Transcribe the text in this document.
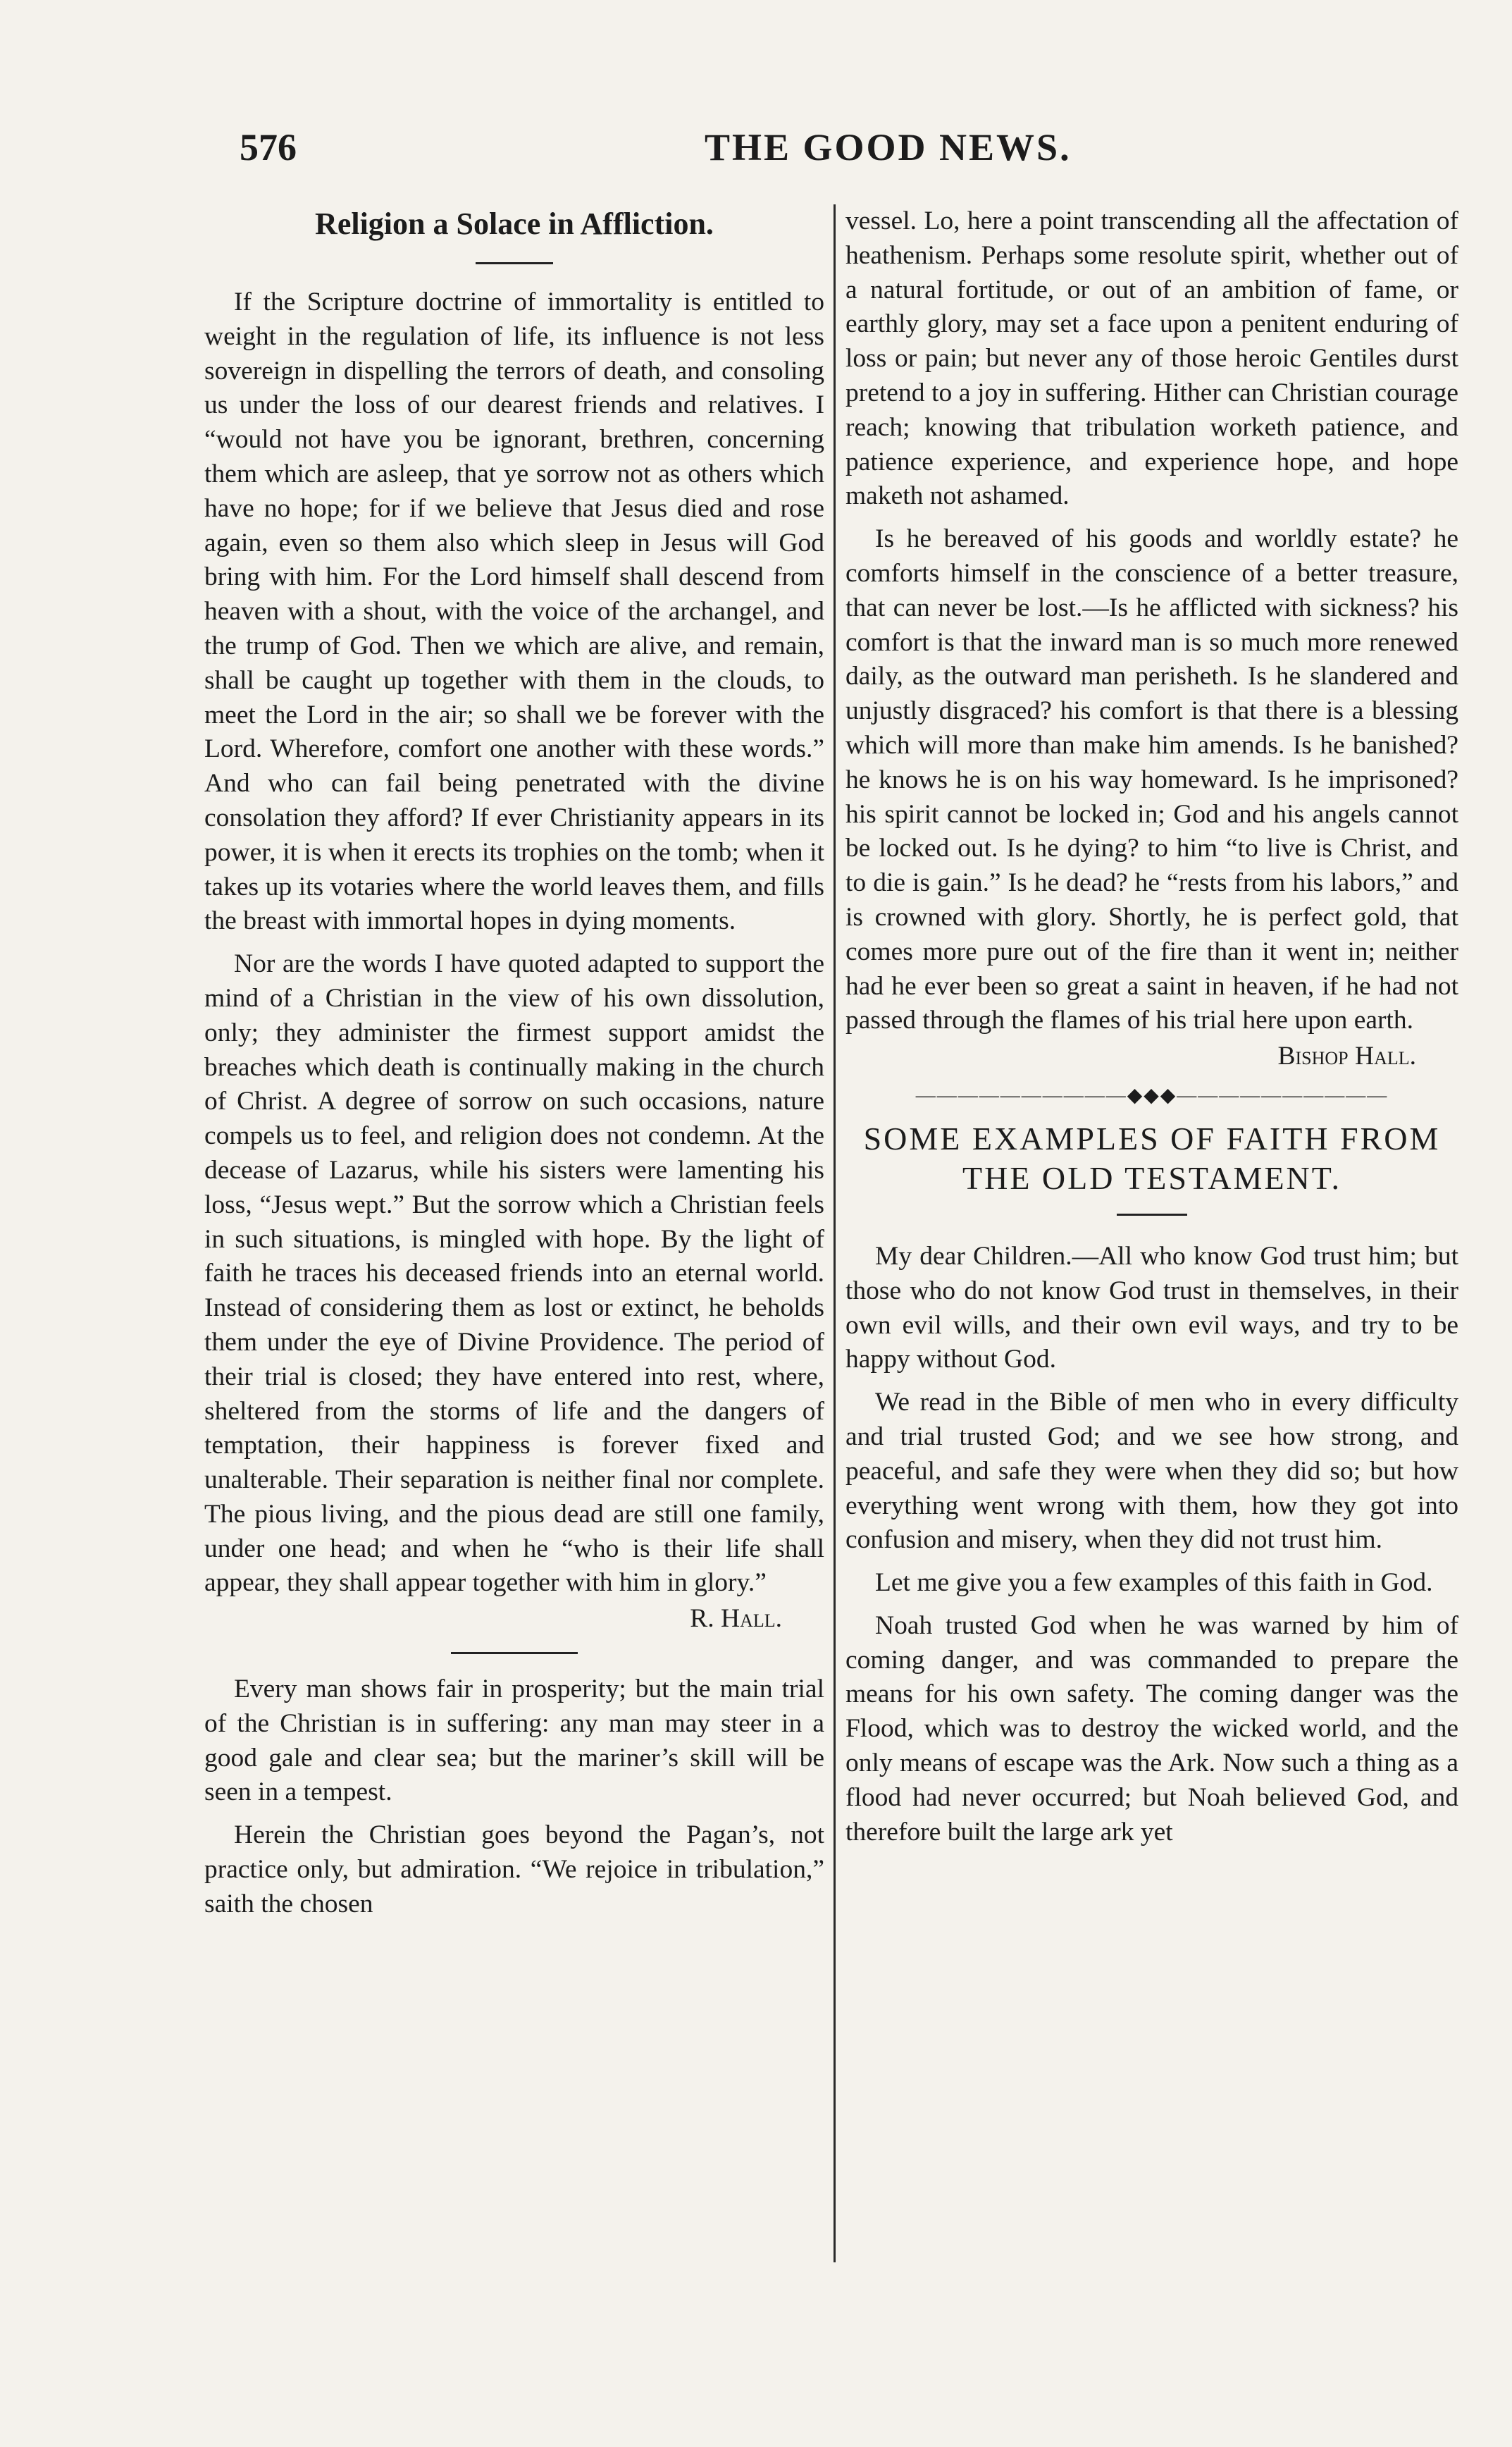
576	THE GOOD NEWS.
Religion a Solace in Affliction.

If the Scripture doctrine of immortality is entitled to weight in the regulation of life, its influence is not less sovereign in dispelling the terrors of death, and consoling us under the loss of our dearest friends and relatives. I “would not have you be ignorant, brethren, concerning them which are asleep, that ye sorrow not as others which have no hope; for if we believe that Jesus died and rose again, even so them also which sleep in Jesus will God bring with him. For the Lord himself shall descend from heaven with a shout, with the voice of the archangel, and the trump of God. Then we which are alive, and remain, shall be caught up together with them in the clouds, to meet the Lord in the air; so shall we be forever with the Lord. Wherefore, comfort one another with these words.” And who can fail being penetrated with the divine consolation they afford? If ever Christianity appears in its power, it is when it erects its trophies on the tomb; when it takes up its votaries where the world leaves them, and fills the breast with immortal hopes in dying moments.

Nor are the words I have quoted adapted to support the mind of a Christian in the view of his own dissolution, only; they administer the firmest support amidst the breaches which death is continually making in the church of Christ. A degree of sorrow on such occasions, nature compels us to feel, and religion does not condemn. At the decease of Lazarus, while his sisters were lamenting his loss, “Jesus wept.” But the sorrow which a Christian feels in such situations, is mingled with hope. By the light of faith he traces his deceased friends into an eternal world. Instead of considering them as lost or extinct, he beholds them under the eye of Divine Providence. The period of their trial is closed; they have entered into rest, where, sheltered from the storms of life and the dangers of temptation, their happiness is forever fixed and unalterable. Their separation is neither final nor complete. The pious living, and the pious dead are still one family, under one head; and when he “who is their life shall appear, they shall appear together with him in glory.”

R. Hall.

Every man shows fair in prosperity; but the main trial of the Christian is in suffering: any man may steer in a good gale and clear sea; but the mariner’s skill will be seen in a tempest.

Herein the Christian goes beyond the Pagan’s, not practice only, but admiration. “We rejoice in tribulation,” saith the chosen

vessel. Lo, here a point transcending all the affectation of heathenism. Perhaps some resolute spirit, whether out of a natural fortitude, or out of an ambition of fame, or earthly glory, may set a face upon a penitent enduring of loss or pain; but never any of those heroic Gentiles durst pretend to a joy in suffering. Hither can Christian courage reach; knowing that tribulation worketh patience, and patience experience, and experience hope, and hope maketh not ashamed.

Is he bereaved of his goods and worldly estate? he comforts himself in the conscience of a better treasure, that can never be lost.—Is he afflicted with sickness? his comfort is that the inward man is so much more renewed daily, as the outward man perisheth. Is he slandered and unjustly disgraced? his comfort is that there is a blessing which will more than make him amends. Is he banished? he knows he is on his way homeward. Is he imprisoned? his spirit cannot be locked in; God and his angels cannot be locked out. Is he dying? to him “to live is Christ, and to die is gain.” Is he dead? he “rests from his labors,” and is crowned with glory. Shortly, he is perfect gold, that comes more pure out of the fire than it went in; neither had he ever been so great a saint in heaven, if he had not passed through the flames of his trial here upon earth.

Bishop Hall.
——————————◆◆◆——————————
SOME EXAMPLES OF FAITH FROM THE OLD TESTAMENT.

My dear Children.—All who know God trust him; but those who do not know God trust in themselves, in their own evil wills, and their own evil ways, and try to be happy without God.

We read in the Bible of men who in every difficulty and trial trusted God; and we see how strong, and peaceful, and safe they were when they did so; but how everything went wrong with them, how they got into confusion and misery, when they did not trust him.

Let me give you a few examples of this faith in God.

Noah trusted God when he was warned by him of coming danger, and was commanded to prepare the means for his own safety. The coming danger was the Flood, which was to destroy the wicked world, and the only means of escape was the Ark. Now such a thing as a flood had never occurred; but Noah believed God, and therefore built the large ark yet
